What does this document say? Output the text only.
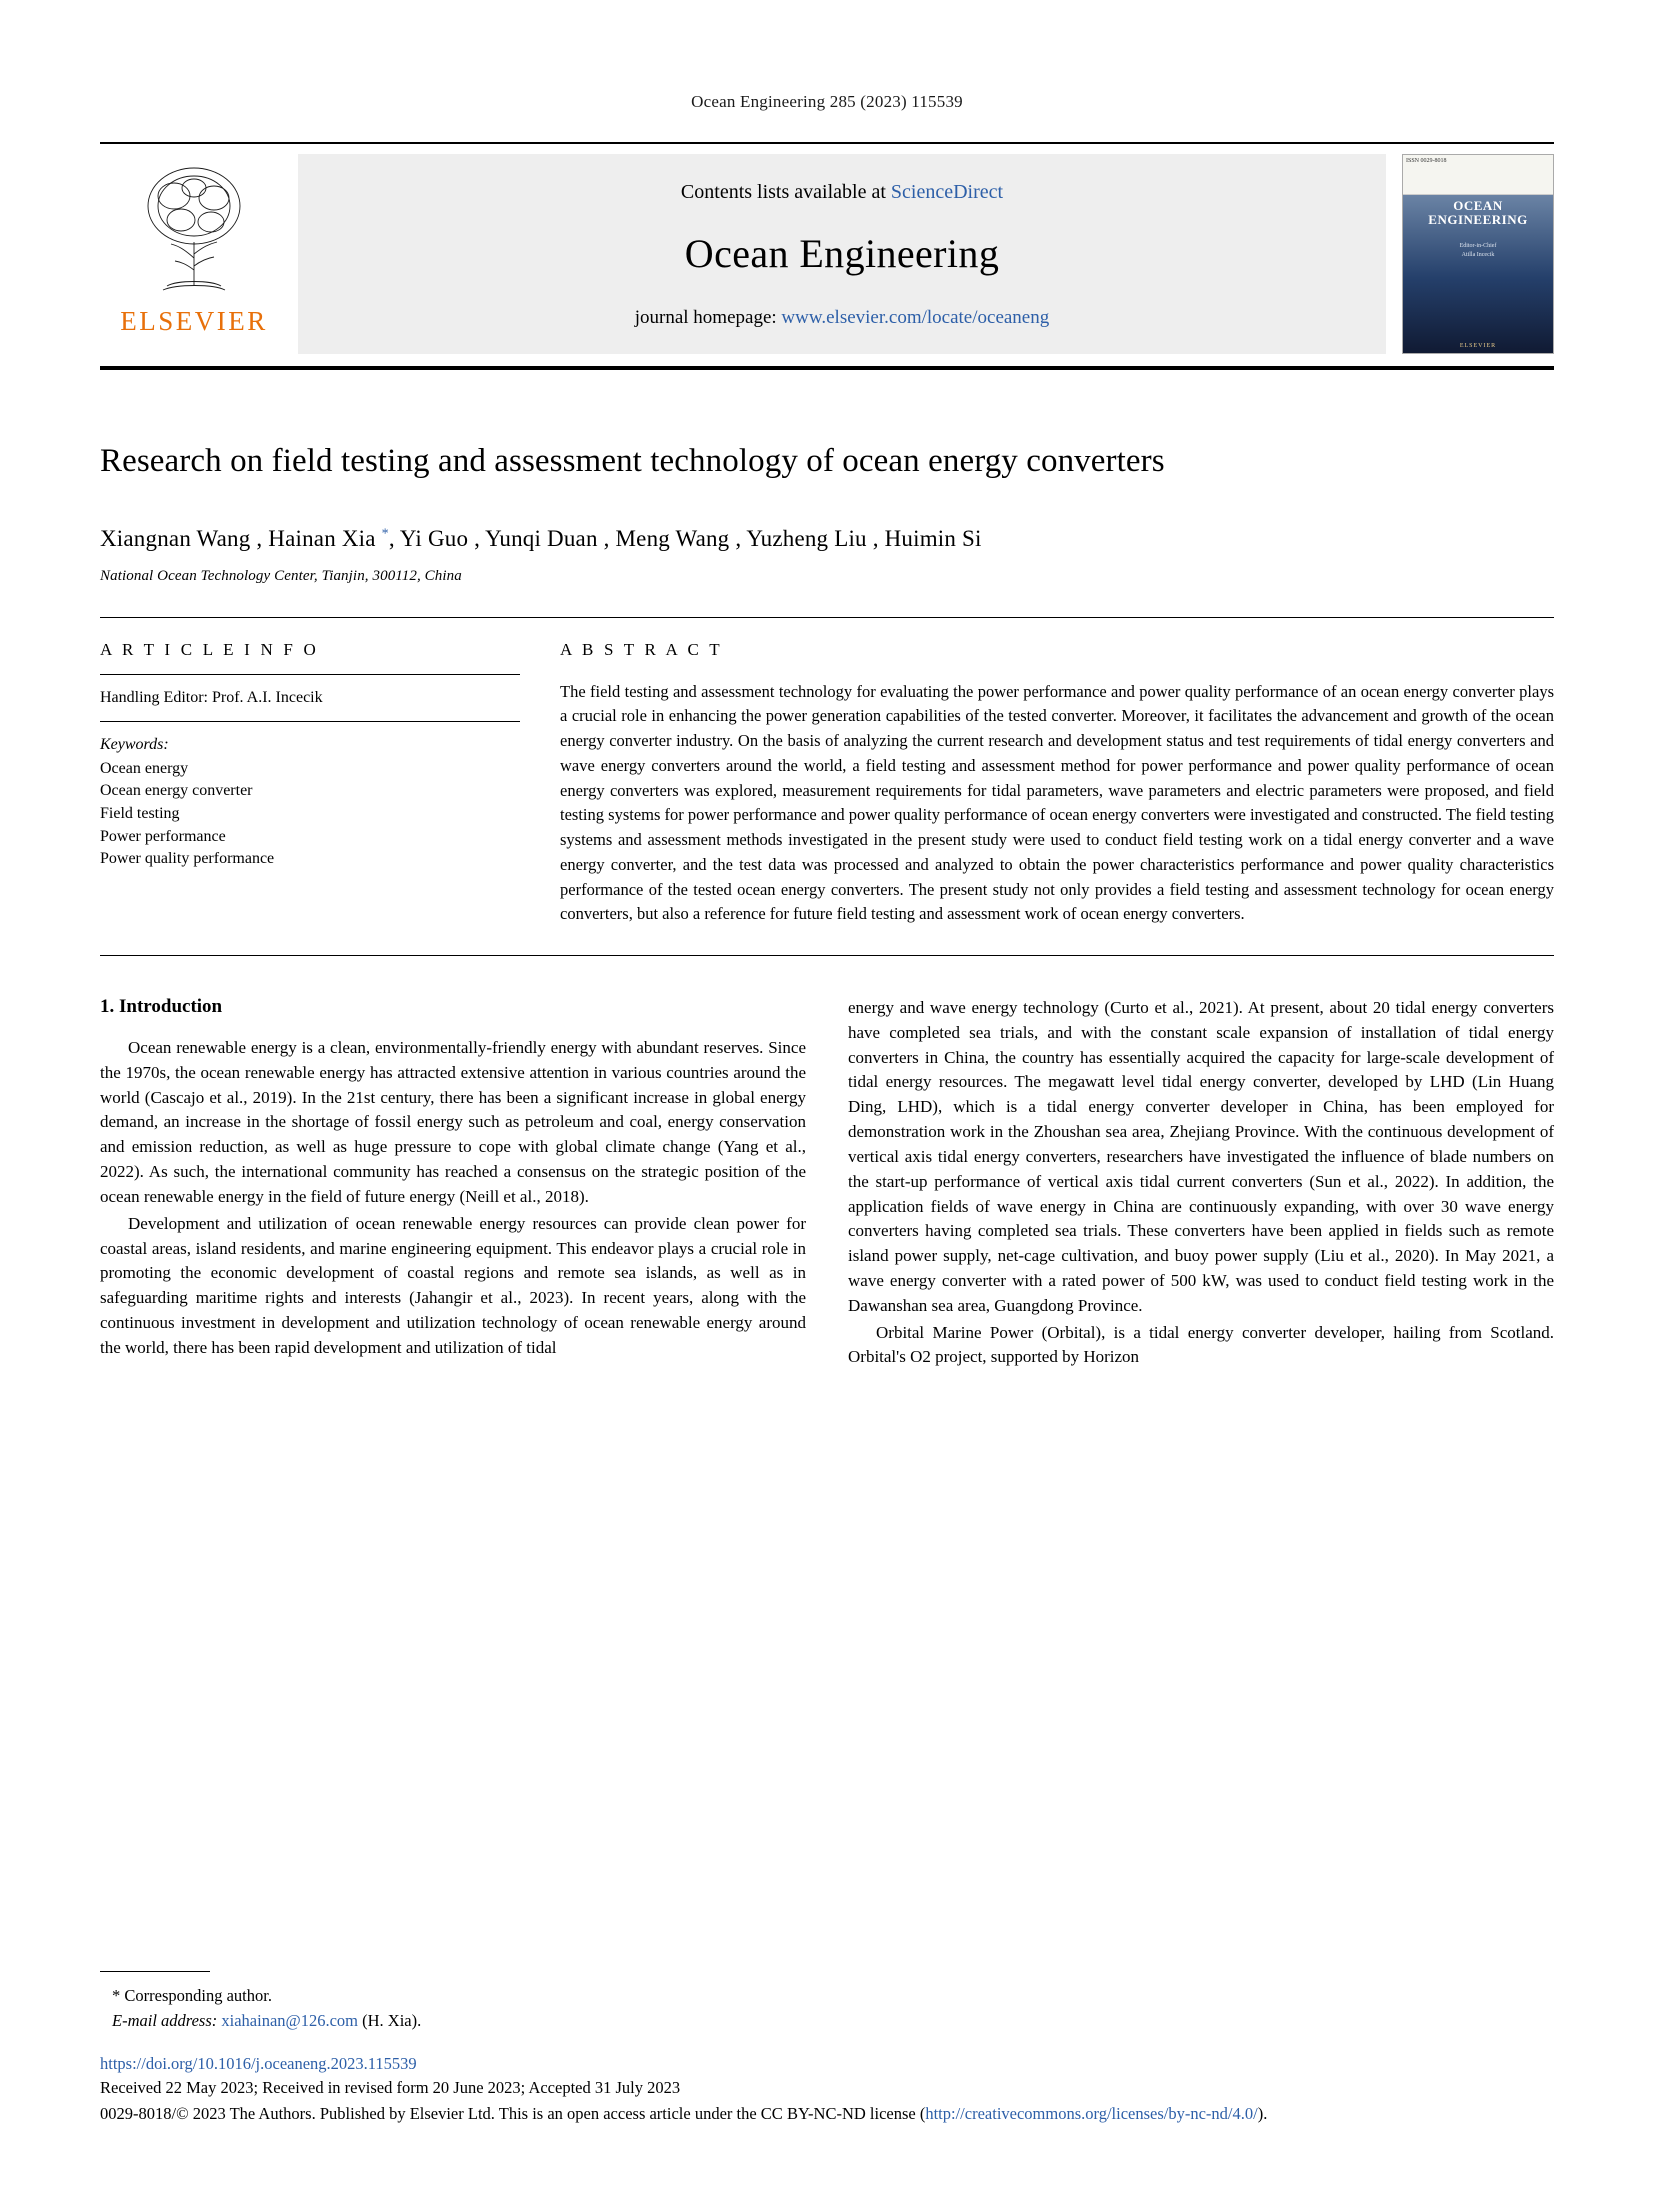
Ocean Engineering 285 (2023) 115539
ELSEVIER
Contents lists available at ScienceDirect
Ocean Engineering
journal homepage: www.elsevier.com/locate/oceaneng
ISSN 0029-8018
OCEAN
ENGINEERING
Editor-in-Chief
Atilla Incecik
ELSEVIER
Research on field testing and assessment technology of ocean energy converters
Xiangnan Wang , Hainan Xia *, Yi Guo , Yunqi Duan , Meng Wang , Yuzheng Liu , Huimin Si
National Ocean Technology Center, Tianjin, 300112, China
A R T I C L E I N F O
Handling Editor: Prof. A.I. Incecik
Keywords:
Ocean energy
Ocean energy converter
Field testing
Power performance
Power quality performance
A B S T R A C T
The field testing and assessment technology for evaluating the power performance and power quality performance of an ocean energy converter plays a crucial role in enhancing the power generation capabilities of the tested converter. Moreover, it facilitates the advancement and growth of the ocean energy converter industry. On the basis of analyzing the current research and development status and test requirements of tidal energy converters and wave energy converters around the world, a field testing and assessment method for power performance and power quality performance of ocean energy converters was explored, measurement requirements for tidal parameters, wave parameters and electric parameters were proposed, and field testing systems for power performance and power quality performance of ocean energy converters were investigated and constructed. The field testing systems and assessment methods investigated in the present study were used to conduct field testing work on a tidal energy converter and a wave energy converter, and the test data was processed and analyzed to obtain the power characteristics performance and power quality characteristics performance of the tested ocean energy converters. The present study not only provides a field testing and assessment technology for ocean energy converters, but also a reference for future field testing and assessment work of ocean energy converters.
1. Introduction

Ocean renewable energy is a clean, environmentally-friendly energy with abundant reserves. Since the 1970s, the ocean renewable energy has attracted extensive attention in various countries around the world (Cascajo et al., 2019). In the 21st century, there has been a significant increase in global energy demand, an increase in the shortage of fossil energy such as petroleum and coal, energy conservation and emission reduction, as well as huge pressure to cope with global climate change (Yang et al., 2022). As such, the international community has reached a consensus on the strategic position of the ocean renewable energy in the field of future energy (Neill et al., 2018).

Development and utilization of ocean renewable energy resources can provide clean power for coastal areas, island residents, and marine engineering equipment. This endeavor plays a crucial role in promoting the economic development of coastal regions and remote sea islands, as well as in safeguarding maritime rights and interests (Jahangir et al., 2023). In recent years, along with the continuous investment in development and utilization technology of ocean renewable energy around the world, there has been rapid development and utilization of tidal

energy and wave energy technology (Curto et al., 2021). At present, about 20 tidal energy converters have completed sea trials, and with the constant scale expansion of installation of tidal energy converters in China, the country has essentially acquired the capacity for large-scale development of tidal energy resources. The megawatt level tidal energy converter, developed by LHD (Lin Huang Ding, LHD), which is a tidal energy converter developer in China, has been employed for demonstration work in the Zhoushan sea area, Zhejiang Province. With the continuous development of vertical axis tidal energy converters, researchers have investigated the influence of blade numbers on the start-up performance of vertical axis tidal current converters (Sun et al., 2022). In addition, the application fields of wave energy in China are continuously expanding, with over 30 wave energy converters having completed sea trials. These converters have been applied in fields such as remote island power supply, net-cage cultivation, and buoy power supply (Liu et al., 2020). In May 2021, a wave energy converter with a rated power of 500 kW, was used to conduct field testing work in the Dawanshan sea area, Guangdong Province.

Orbital Marine Power (Orbital), is a tidal energy converter developer, hailing from Scotland. Orbital's O2 project, supported by Horizon

* Corresponding author.
E-mail address: xiahainan@126.com (H. Xia).
https://doi.org/10.1016/j.oceaneng.2023.115539
Received 22 May 2023; Received in revised form 20 June 2023; Accepted 31 July 2023
0029-8018/© 2023 The Authors. Published by Elsevier Ltd. This is an open access article under the CC BY-NC-ND license (http://creativecommons.org/licenses/by-nc-nd/4.0/).
